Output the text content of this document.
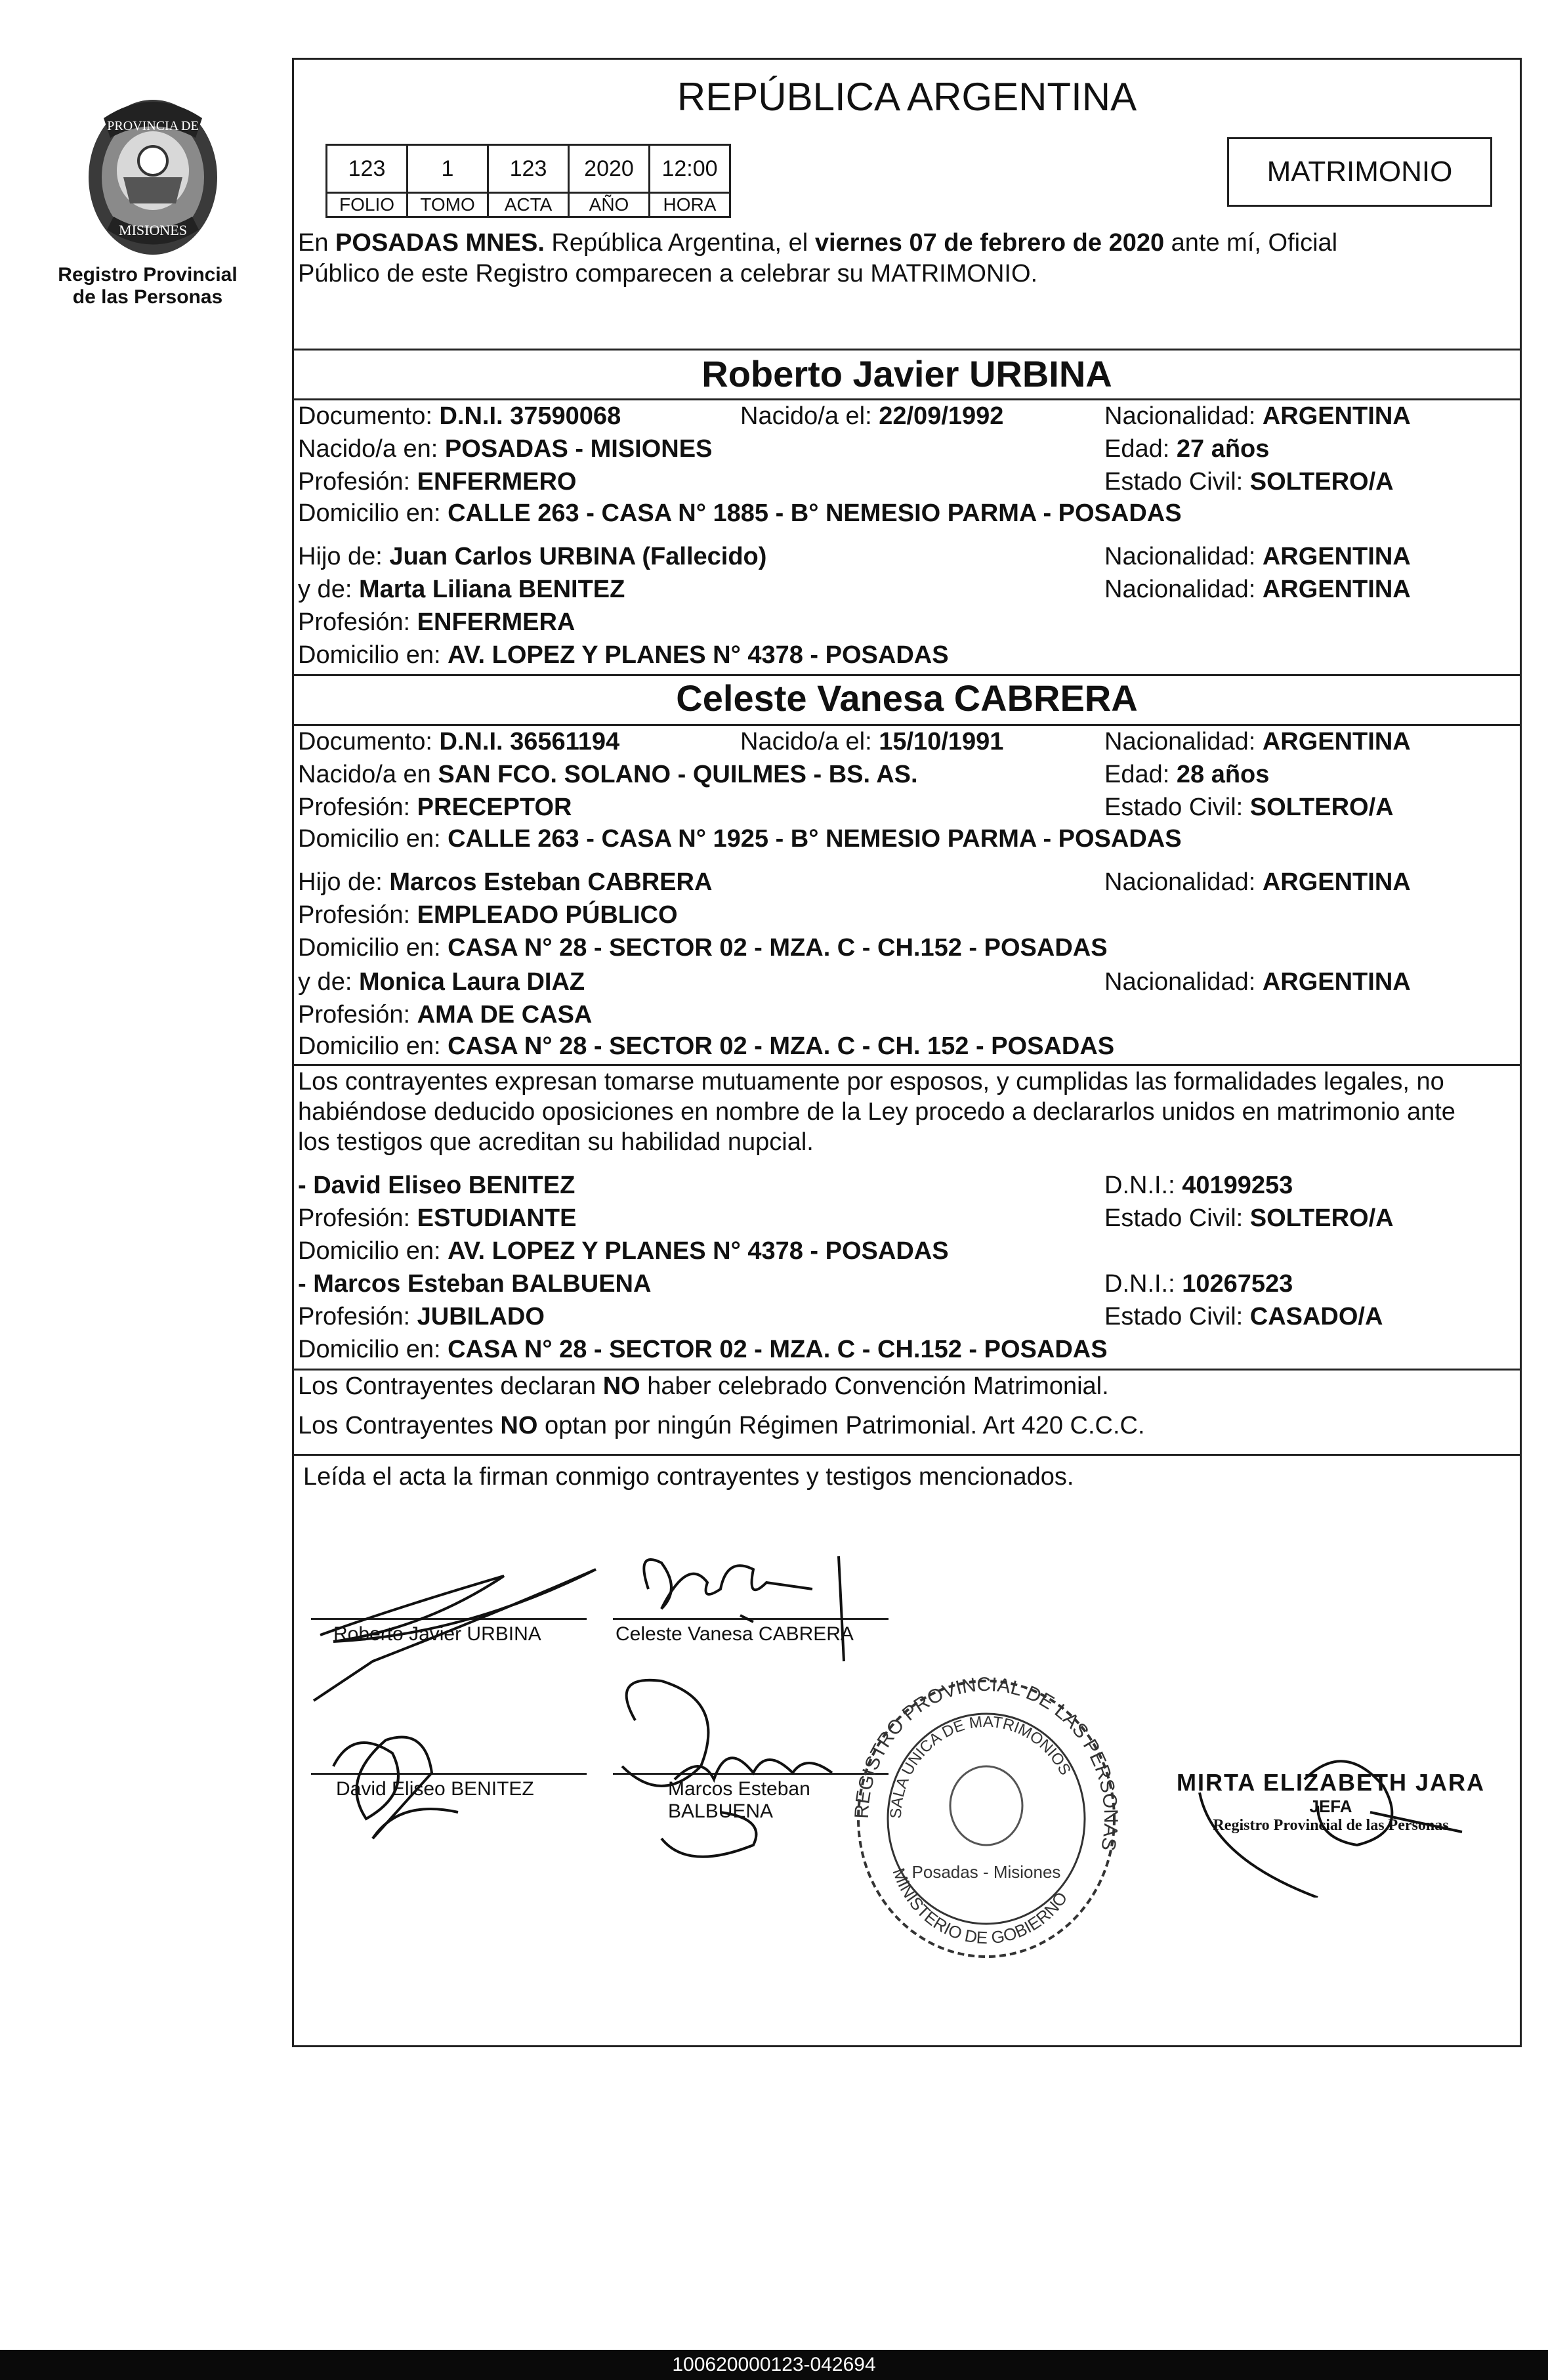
PROVINCIA DE
MISIONES
Registro Provincial
de las Personas
REPÚBLICA ARGENTINA
123	1	123	2020	12:00
FOLIO	TOMO	ACTA	AÑO	HORA
MATRIMONIO
En POSADAS MNES. República Argentina, el viernes 07 de febrero de 2020 ante mí, Oficial
Público de este Registro comparecen a celebrar su MATRIMONIO.
Roberto Javier URBINA
Documento: D.N.I. 37590068	Nacido/a el: 22/09/1992	Nacionalidad: ARGENTINA
Nacido/a en: POSADAS - MISIONES	Edad: 27 años
Profesión: ENFERMERO	Estado Civil: SOLTERO/A
Domicilio en: CALLE 263 - CASA N° 1885 - B° NEMESIO PARMA - POSADAS
Hijo de: Juan Carlos URBINA (Fallecido)	Nacionalidad: ARGENTINA
y de: Marta Liliana BENITEZ	Nacionalidad: ARGENTINA
Profesión: ENFERMERA
Domicilio en: AV. LOPEZ Y PLANES N° 4378 - POSADAS
Celeste Vanesa CABRERA
Documento: D.N.I. 36561194	Nacido/a el: 15/10/1991	Nacionalidad: ARGENTINA
Nacido/a en SAN FCO. SOLANO - QUILMES - BS. AS.	Edad: 28 años
Profesión: PRECEPTOR	Estado Civil: SOLTERO/A
Domicilio en: CALLE 263 - CASA N° 1925 - B° NEMESIO PARMA - POSADAS
Hijo de: Marcos Esteban CABRERA	Nacionalidad: ARGENTINA
Profesión: EMPLEADO PÚBLICO
Domicilio en: CASA N° 28 - SECTOR 02 - MZA. C - CH.152 - POSADAS
y de: Monica Laura DIAZ	Nacionalidad: ARGENTINA
Profesión: AMA DE CASA
Domicilio en: CASA N° 28 - SECTOR 02 - MZA. C - CH. 152 - POSADAS
Los contrayentes expresan tomarse mutuamente por esposos, y cumplidas las formalidades legales, no
habiéndose deducido oposiciones en nombre de la Ley procedo a declararlos unidos en matrimonio ante
los testigos que acreditan su habilidad nupcial.
- David Eliseo BENITEZ	D.N.I.: 40199253
Profesión: ESTUDIANTE	Estado Civil: SOLTERO/A
Domicilio en: AV. LOPEZ Y PLANES N° 4378 - POSADAS
- Marcos Esteban BALBUENA	D.N.I.: 10267523
Profesión: JUBILADO	Estado Civil: CASADO/A
Domicilio en: CASA N° 28 - SECTOR 02 - MZA. C - CH.152 - POSADAS
Los Contrayentes declaran NO haber celebrado Convención Matrimonial.
Los Contrayentes NO optan por ningún Régimen Patrimonial. Art 420 C.C.C.
Leída el acta la firman conmigo contrayentes y testigos mencionados.
Roberto Javier URBINA	Celeste Vanesa CABRERA
David Eliseo BENITEZ	Marcos Esteban
BALBUENA	REGISTRO PROVINCIAL DE LAS PERSONAS
SALA ÚNICA DE MATRIMONIOS
Posadas - Misiones
MINISTERIO DE GOBIERNO
MIRTA ELIZABETH JARA
JEFA
Registro Provincial de las Personas
100620000123-042694
